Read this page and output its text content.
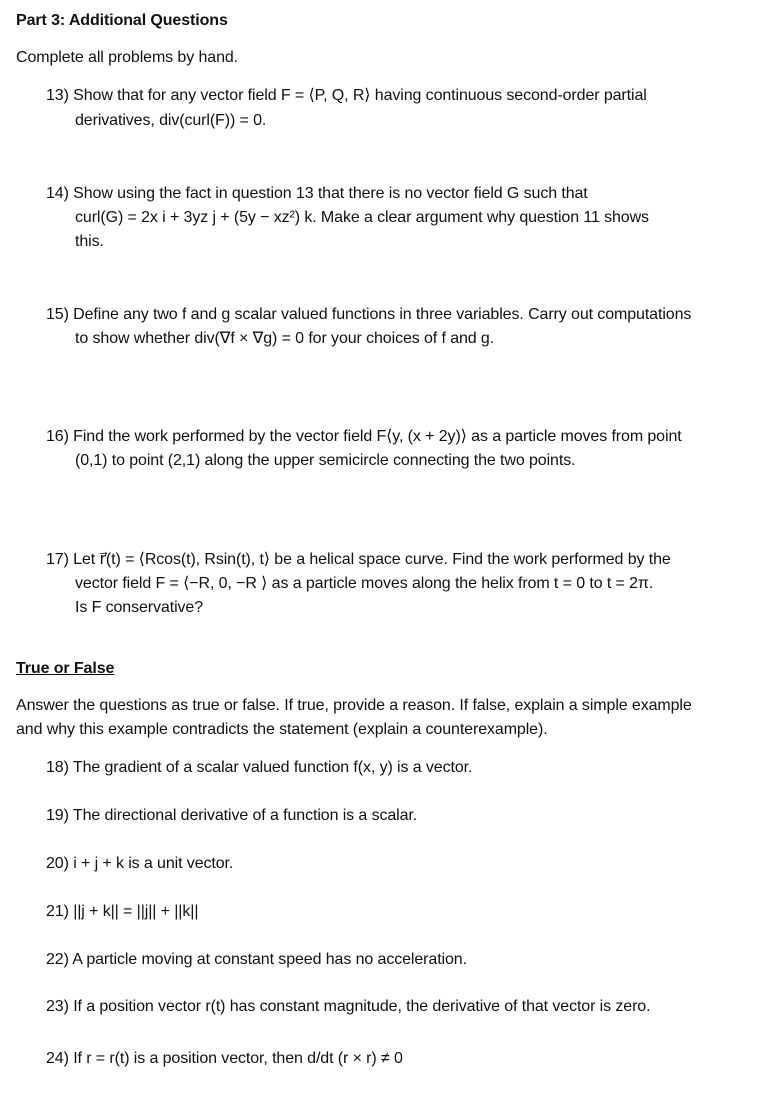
Part 3: Additional Questions
Complete all problems by hand.
13) Show that for any vector field F = ⟨P, Q, R⟩ having continuous second-order partial
derivatives, div(curl(F)) = 0.
14) Show using the fact in question 13 that there is no vector field G such that
curl(G) = 2x i + 3yz j + (5y − xz²) k. Make a clear argument why question 11 shows
this.
15) Define any two f and g scalar valued functions in three variables. Carry out computations
to show whether div(∇f × ∇g) = 0 for your choices of f and g.
16) Find the work performed by the vector field F⟨y, (x + 2y)⟩ as a particle moves from point
(0,1) to point (2,1) along the upper semicircle connecting the two points.
17) Let r⃗(t) = ⟨Rcos(t), Rsin(t), t⟩ be a helical space curve. Find the work performed by the
vector field F = ⟨−R, 0, −R ⟩ as a particle moves along the helix from t = 0 to t = 2π.
Is F conservative?
True or False
Answer the questions as true or false. If true, provide a reason. If false, explain a simple example
and why this example contradicts the statement (explain a counterexample).
18) The gradient of a scalar valued function f(x, y) is a vector.
19) The directional derivative of a function is a scalar.
20) i + j + k is a unit vector.
21) ||j + k|| = ||j|| + ||k||
22) A particle moving at constant speed has no acceleration.
23) If a position vector r(t) has constant magnitude, the derivative of that vector is zero.
24) If r = r(t) is a position vector, then d/dt (r × r) ≠ 0
